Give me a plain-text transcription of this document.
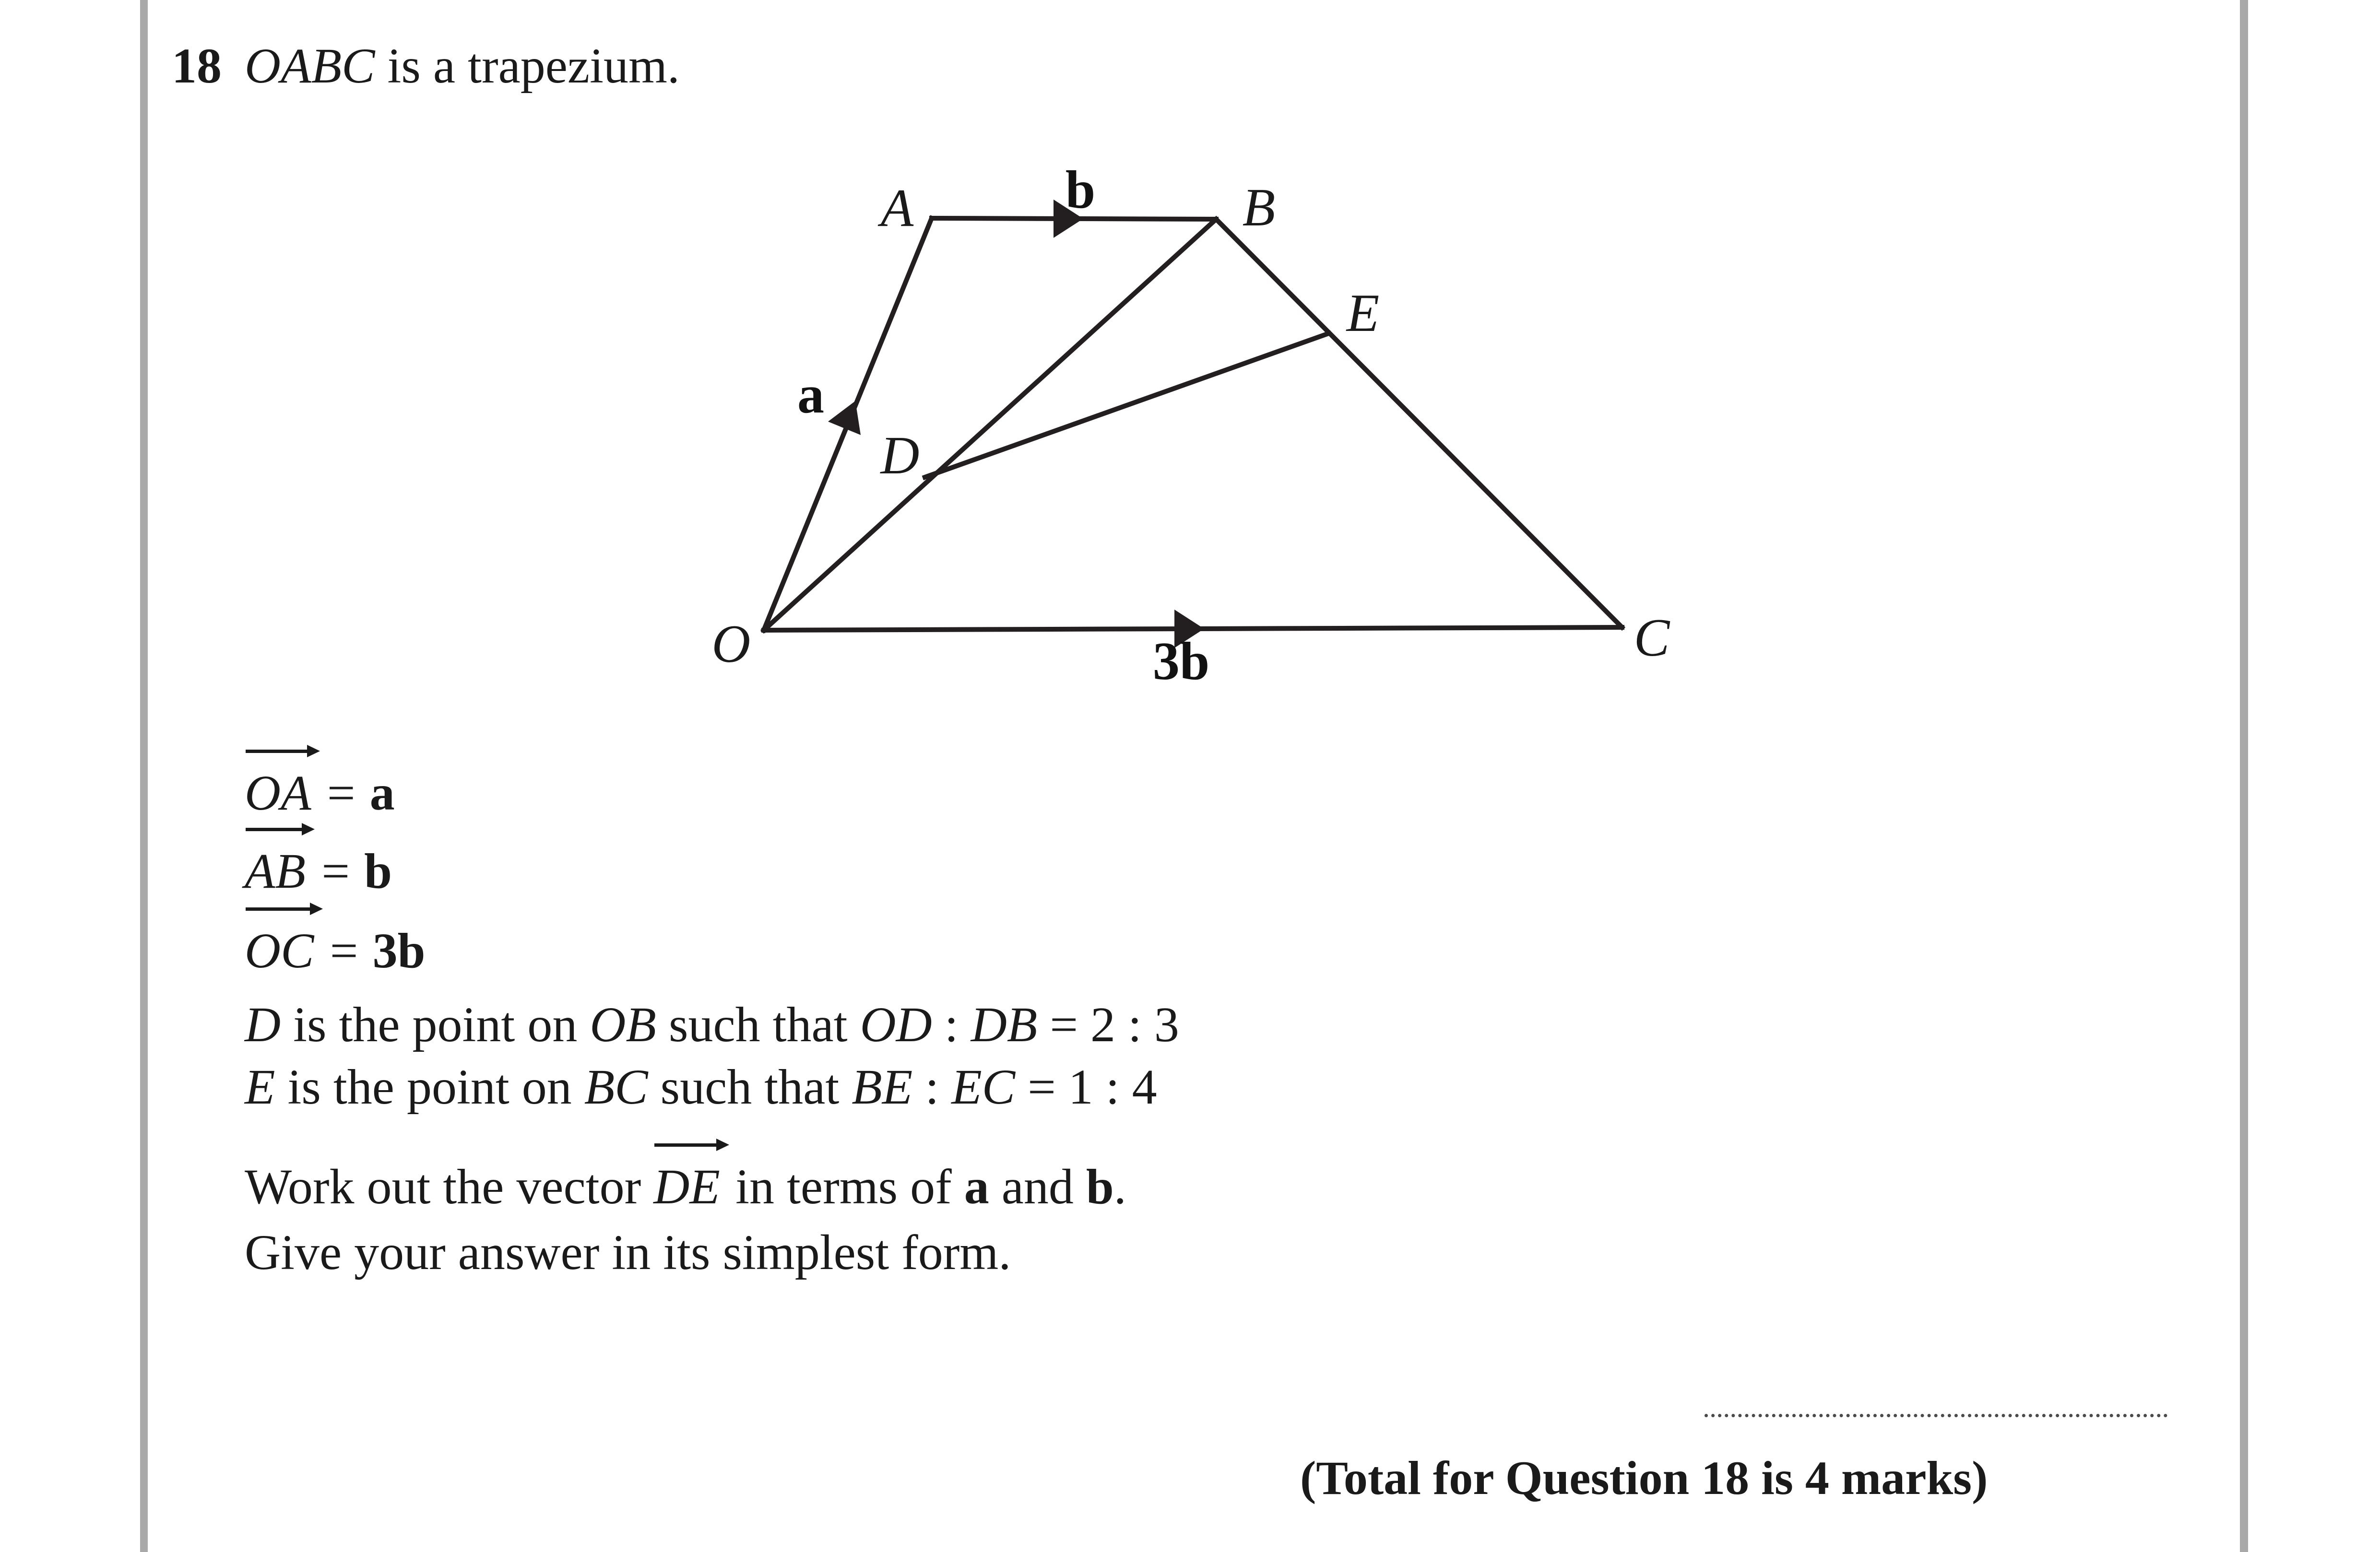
18 OABC is a trapezium.
A	B
C
O
D
E
a
b
3b
OA = a
AB = b
OC = 3b
D is the point on OB such that OD : DB = 2 : 3
E is the point on BC such that BE : EC = 1 : 4
Work out the vector
DE in terms of a and b.
Give your answer in its simplest form.
(Total for Question 18 is 4 marks)
